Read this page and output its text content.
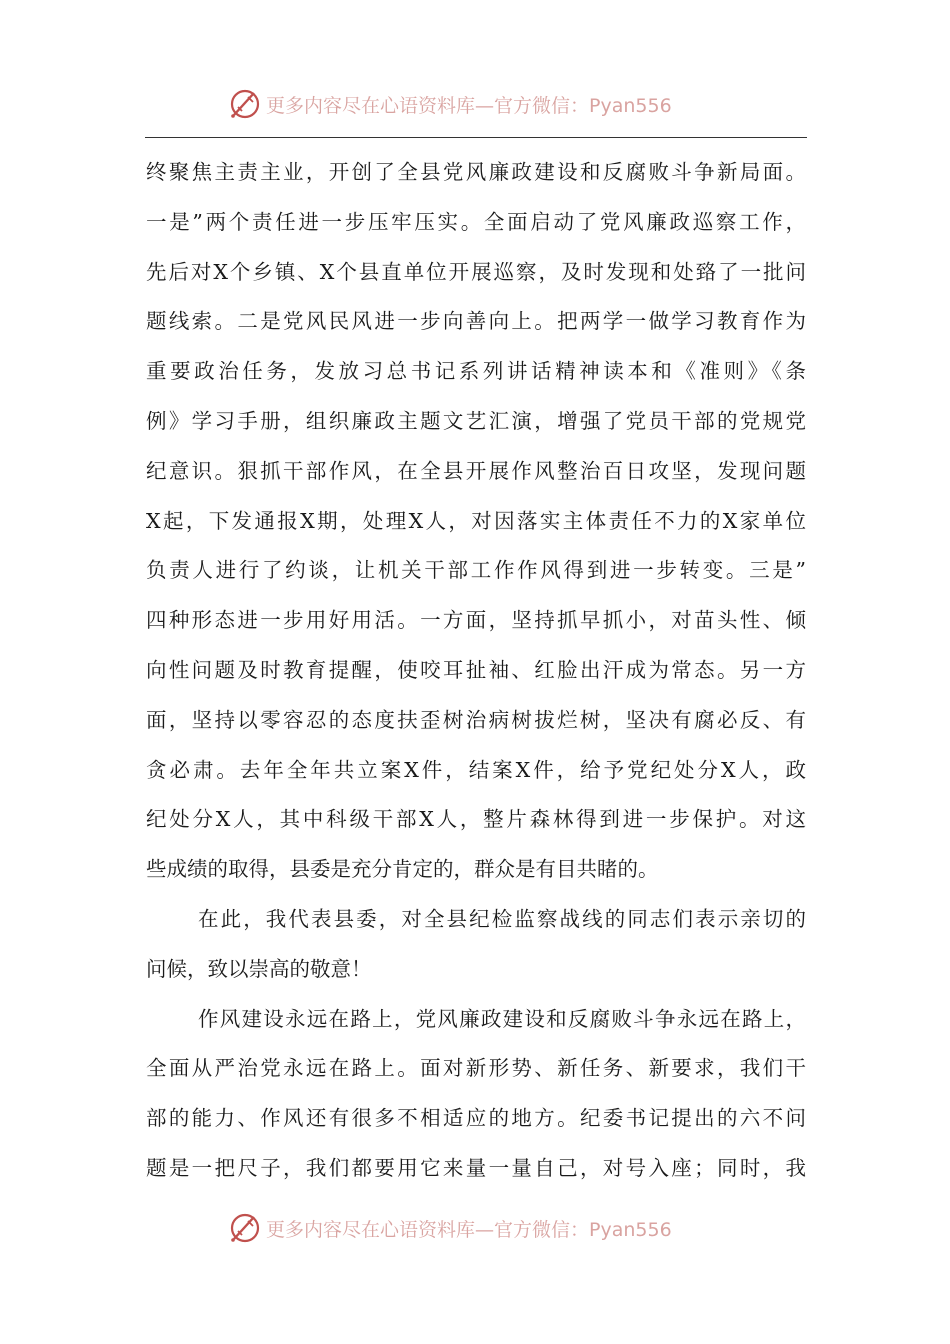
更多内容尽在心语资料库—官方微信：Pyan556
终聚焦主责主业，开创了全县党风廉政建设和反腐败斗争新局面。
一是”两个责任进一步压牢压实。全面启动了党风廉政巡察工作，
先后对X个乡镇、X个县直单位开展巡察，及时发现和处臵了一批问
题线索。二是党风民风进一步向善向上。把两学一做学习教育作为
重要政治任务，发放习总书记系列讲话精神读本和《准则》《条
例》学习手册，组织廉政主题文艺汇演，增强了党员干部的党规党
纪意识。狠抓干部作风，在全县开展作风整治百日攻坚，发现问题
X起，下发通报X期，处理X人，对因落实主体责任不力的X家单位
负责人进行了约谈，让机关干部工作作风得到进一步转变。三是”
四种形态进一步用好用活。一方面，坚持抓早抓小，对苗头性、倾
向性问题及时教育提醒，使咬耳扯袖、红脸出汗成为常态。另一方
面，坚持以零容忍的态度扶歪树治病树拔烂树，坚决有腐必反、有
贪必肃。去年全年共立案X件，结案X件，给予党纪处分X人，政
纪处分X人，其中科级干部X人，整片森林得到进一步保护。对这
些成绩的取得，县委是充分肯定的，群众是有目共睹的。
在此，我代表县委，对全县纪检监察战线的同志们表示亲切的
问候，致以崇高的敬意！
作风建设永远在路上，党风廉政建设和反腐败斗争永远在路上，
全面从严治党永远在路上。面对新形势、新任务、新要求，我们干
部的能力、作风还有很多不相适应的地方。纪委书记提出的六不问
题是一把尺子，我们都要用它来量一量自己，对号入座；同时，我
更多内容尽在心语资料库—官方微信：Pyan556
